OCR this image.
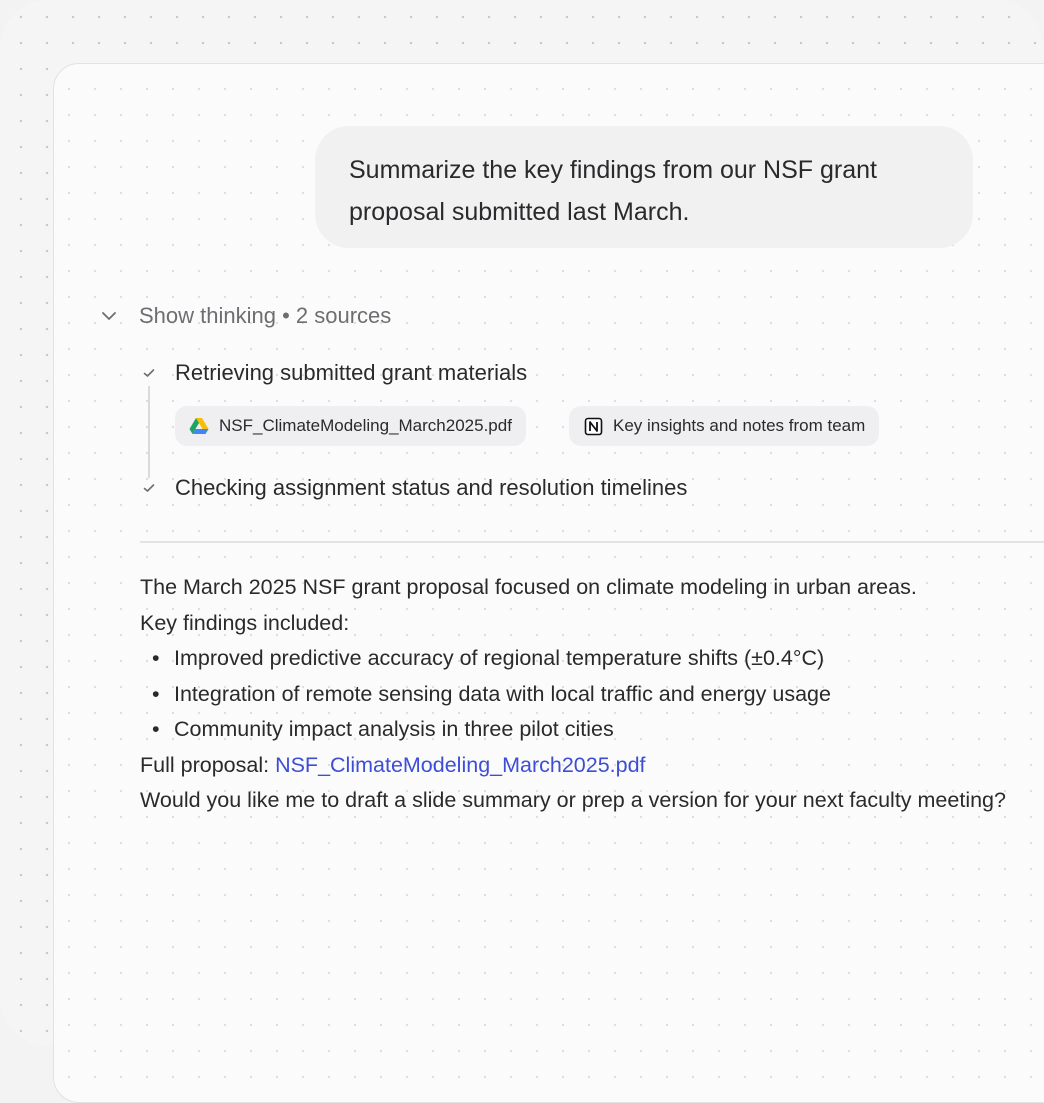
Summarize the key findings from our NSF grant
proposal submitted last March.
Show thinking • 2 sources
Retrieving submitted grant materials
NSF_ClimateModeling_March2025.pdf	Key insights and notes from team
Checking assignment status and resolution timelines
The March 2025 NSF grant proposal focused on climate modeling in urban areas.
Key findings included:
• Improved predictive accuracy of regional temperature shifts (±0.4°C)
• Integration of remote sensing data with local traffic and energy usage
• Community impact analysis in three pilot cities
Full proposal: NSF_ClimateModeling_March2025.pdf
Would you like me to draft a slide summary or prep a version for your next faculty meeting?
